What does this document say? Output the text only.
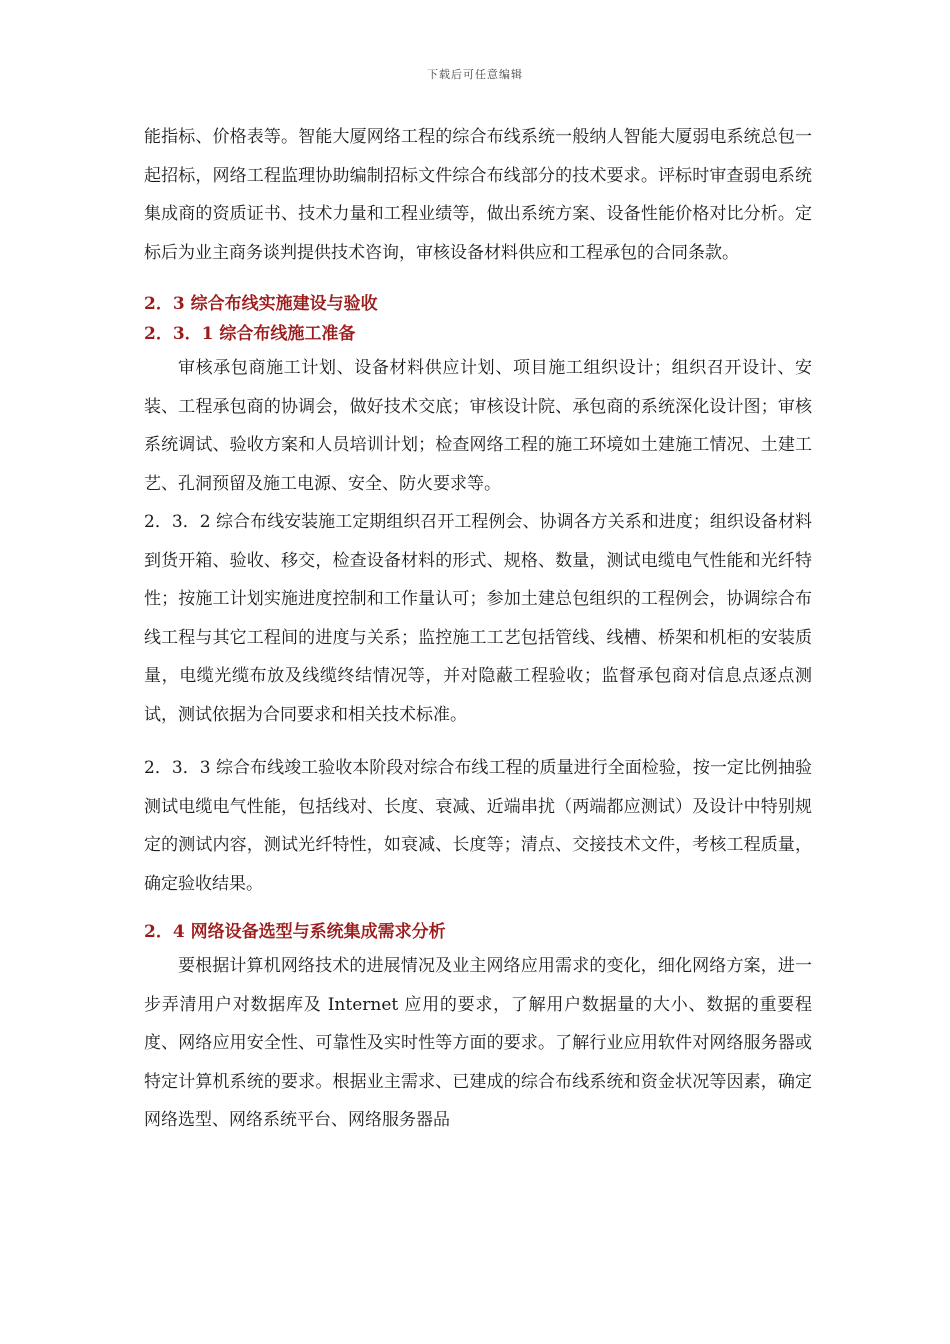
下载后可任意编辑

能指标、价格表等。智能大厦网络工程的综合布线系统一般纳人智能大厦弱电系统总包一起招标，网络工程监理协助编制招标文件综合布线部分的技术要求。评标时审查弱电系统集成商的资质证书、技术力量和工程业绩等，做出系统方案、设备性能价格对比分析。定标后为业主商务谈判提供技术咨询，审核设备材料供应和工程承包的合同条款。

2．3 综合布线实施建设与验收
2．3．1 综合布线施工准备

审核承包商施工计划、设备材料供应计划、项目施工组织设计；组织召开设计、安装、工程承包商的协调会，做好技术交底；审核设计院、承包商的系统深化设计图；审核系统调试、验收方案和人员培训计划；检查网络工程的施工环境如土建施工情况、土建工艺、孔洞预留及施工电源、安全、防火要求等。

2．3．2 综合布线安装施工定期组织召开工程例会、协调各方关系和进度；组织设备材料到货开箱、验收、移交，检查设备材料的形式、规格、数量，测试电缆电气性能和光纤特性；按施工计划实施进度控制和工作量认可；参加土建总包组织的工程例会，协调综合布线工程与其它工程间的进度与关系；监控施工工艺包括管线、线槽、桥架和机柜的安装质量，电缆光缆布放及线缆终结情况等，并对隐蔽工程验收；监督承包商对信息点逐点测试，测试依据为合同要求和相关技术标准。

2．3．3 综合布线竣工验收本阶段对综合布线工程的质量进行全面检验，按一定比例抽验测试电缆电气性能，包括线对、长度、衰减、近端串扰（两端都应测试）及设计中特别规定的测试内容，测试光纤特性，如衰减、长度等；清点、交接技术文件，考核工程质量，确定验收结果。

2．4 网络设备选型与系统集成需求分析

要根据计算机网络技术的进展情况及业主网络应用需求的变化，细化网络方案，进一步弄清用户对数据库及 Internet 应用的要求，了解用户数据量的大小、数据的重要程度、网络应用安全性、可靠性及实时性等方面的要求。了解行业应用软件对网络服务器或特定计算机系统的要求。根据业主需求、已建成的综合布线系统和资金状况等因素，确定网络选型、网络系统平台、网络服务器品
